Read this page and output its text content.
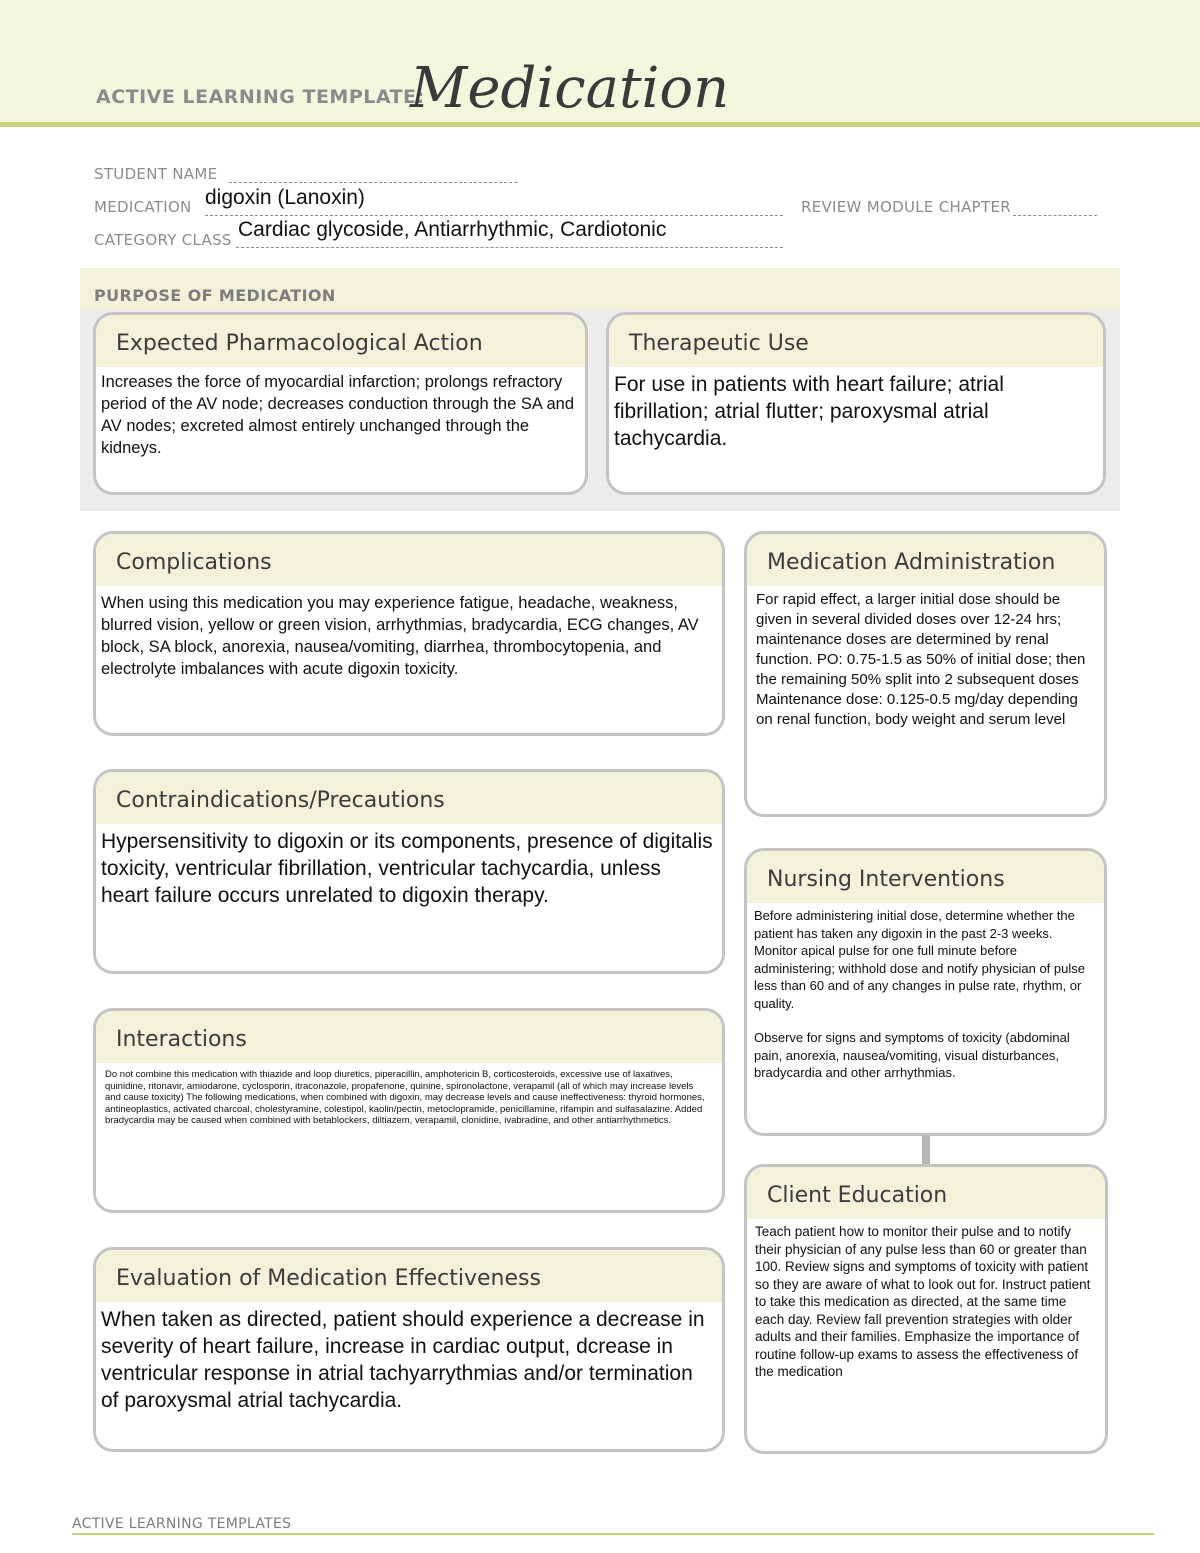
ACTIVE LEARNING TEMPLATE:
Medication
STUDENT NAME
MEDICATION digoxin (Lanoxin)	REVIEW MODULE CHAPTER
CATEGORY CLASS Cardiac glycoside, Antiarrhythmic, Cardiotonic
PURPOSE OF MEDICATION
Expected Pharmacological Action
Increases the force of myocardial infarction; prolongs refractory period of the AV node; decreases conduction through the SA and AV nodes; excreted almost entirely unchanged through the kidneys.
Therapeutic Use
For use in patients with heart failure; atrial fibrillation; atrial flutter; paroxysmal atrial tachycardia.
Complications
When using this medication you may experience fatigue, headache, weakness, blurred vision, yellow or green vision, arrhythmias, bradycardia, ECG changes, AV block, SA block, anorexia, nausea/vomiting, diarrhea, thrombocytopenia, and electrolyte imbalances with acute digoxin toxicity.
Medication Administration
For rapid effect, a larger initial dose should be given in several divided doses over 12-24 hrs; maintenance doses are determined by renal function. PO: 0.75-1.5 as 50% of initial dose; then the remaining 50% split into 2 subsequent doses Maintenance dose: 0.125-0.5 mg/day depending on renal function, body weight and serum level
Contraindications/Precautions
Hypersensitivity to digoxin or its components, presence of digitalis toxicity, ventricular fibrillation, ventricular tachycardia, unless heart failure occurs unrelated to digoxin therapy.
Nursing Interventions
Before administering initial dose, determine whether the patient has taken any digoxin in the past 2-3 weeks. Monitor apical pulse for one full minute before administering; withhold dose and notify physician of pulse less than 60 and of any changes in pulse rate, rhythm, or quality.
Observe for signs and symptoms of toxicity (abdominal pain, anorexia, nausea/vomiting, visual disturbances, bradycardia and other arrhythmias.
Interactions
Do not combine this medication with thiazide and loop diuretics, piperacillin, amphotericin B, corticosteroids, excessive use of laxatives, quinidine, ritonavir, amiodarone, cyclosporin, itraconazole, propafenone, quinine, spironolactone, verapamil (all of which may increase levels and cause toxicity) The following medications, when combined with digoxin, may decrease levels and cause ineffectiveness: thyroid hormones, antineoplastics, activated charcoal, cholestyramine, colestipol, kaolin/pectin, metoclopramide, penicillamine, rifampin and sulfasalazine. Added bradycardia may be caused when combined with betablockers, diltiazem, verapamil, clonidine, ivabradine, and other antiarrhythmetics.
Client Education
Teach patient how to monitor their pulse and to notify their physician of any pulse less than 60 or greater than 100. Review signs and symptoms of toxicity with patient so they are aware of what to look out for. Instruct patient to take this medication as directed, at the same time each day. Review fall prevention strategies with older adults and their families. Emphasize the importance of routine follow-up exams to assess the effectiveness of the medication
Evaluation of Medication Effectiveness
When taken as directed, patient should experience a decrease in severity of heart failure, increase in cardiac output, dcrease in ventricular response in atrial tachyarrythmias and/or termination of paroxysmal atrial tachycardia.
ACTIVE LEARNING TEMPLATES
